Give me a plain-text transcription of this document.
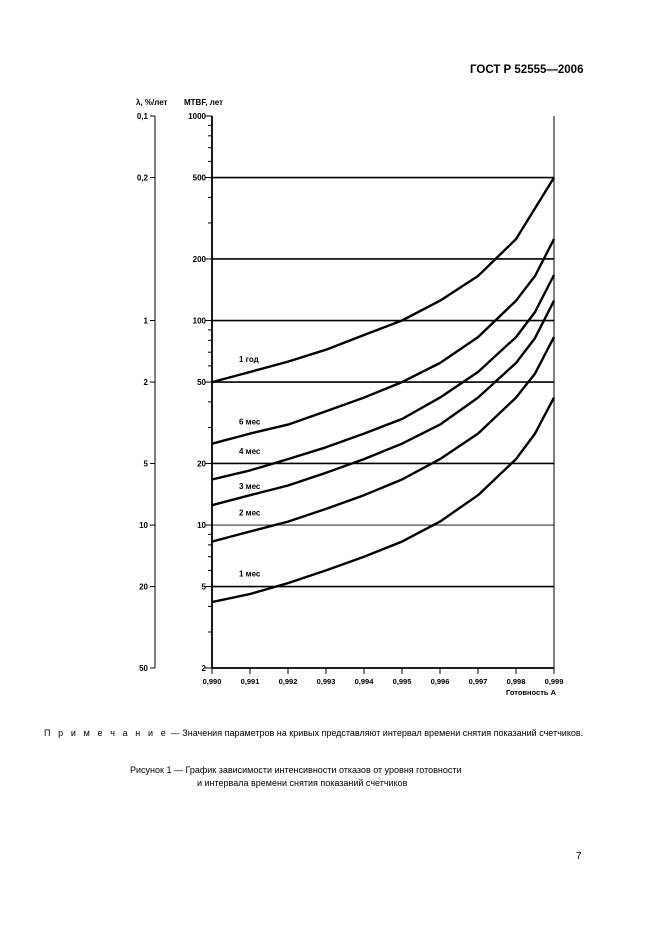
ГОСТ Р 52555—2006
1000
500
200
100
50
20
10
5
2
0,1
0,2
1
2
5
10
20
50
0,990	0,991	0,992	0,993	0,994	0,995	0,996	0,997	0,998	0,999
Готовность А
MTBF, лет
λ, %/лет
1 год
6 мес
4 мес
3 мес
2 мес
1 мес
П р и м е ч а н и е — Значения параметров на кривых представляют интервал времени снятия показаний счетчиков.
Рисунок 1 — График зависимости интенсивности отказов от уровня готовности
и интервала времени снятия показаний счетчиков
7
